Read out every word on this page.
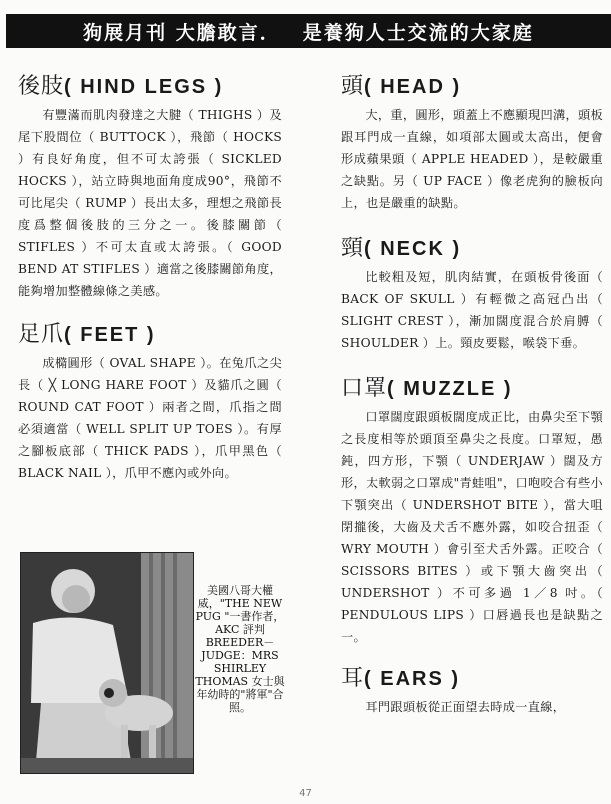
狗展月刊 大膽敢言． 是養狗人士交流的大家庭
後肢( HIND LEGS )

有豐滿而肌肉發達之大腱（ THIGHS ）及尾下股間位（ BUTTOCK ），飛節（ HOCKS ）有良好角度，但不可太誇張（ SICKLED HOCKS ），站立時與地面角度成90°，飛節不可比尾尖（ RUMP ）長出太多，理想之飛節長度爲整個後肢的三分之一。後膝關節（ STIFLES ）不可太直或太誇張。（ GOOD BEND AT STIFLES ）適當之後膝關節角度，能夠增加整體線條之美感。

足爪( FEET )

成橢圓形（ OVAL SHAPE ）。在兔爪之尖長（ ╳ LONG HARE FOOT ）及貓爪之圓（ ROUND CAT FOOT ）兩者之間，爪指之間必須適當（ WELL SPLIT UP TOES ）。有厚之腳板底部（ THICK PADS ），爪甲黑色（ BLACK NAIL ），爪甲不應內或外向。

美國八哥大權威，"THE NEW PUG "一書作者，AKC 評判 BREEDER－JUDGE：MRS SHIRLEY THOMAS 女士與年幼時的"將軍"合照。
頭( HEAD )

大，重，圓形，頭蓋上不應顯現凹溝，頭板跟耳門成一直線，如項部太圓或太高出，便會形成蘋果頭（ APPLE HEADED ），是較嚴重之缺點。另（ UP FACE ）像老虎狗的臉板向上，也是嚴重的缺點。

頸( NECK )

比較粗及短，肌肉結實，在頭板骨後面（ BACK OF SKULL ）有輕微之高冠凸出（ SLIGHT CREST ），漸加闊度混合於肩膊（ SHOULDER ）上。頸皮要鬆，喉袋下垂。

口罩( MUZZLE )

口罩闊度跟頭板闊度成正比，由鼻尖至下顎之長度相等於頭頂至鼻尖之長度。口罩短，愚鈍，四方形，下顎（ UNDERJAW ）闊及方形，太軟弱之口罩成"青蛙咀"，口咆咬合有些小下顎突出（ UNDERSHOT BITE ），當大咀閉攏後，大齒及犬舌不應外露，如咬合扭歪（ WRY MOUTH ）會引至犬舌外露。正咬合（ SCISSORS BITES ）或下顎大齒突出（ UNDERSHOT ）不可多過 1／8 吋。（ PENDULOUS LIPS ）口唇過長也是缺點之一。

耳( EARS )

耳門跟頭板從正面望去時成一直線，

47
